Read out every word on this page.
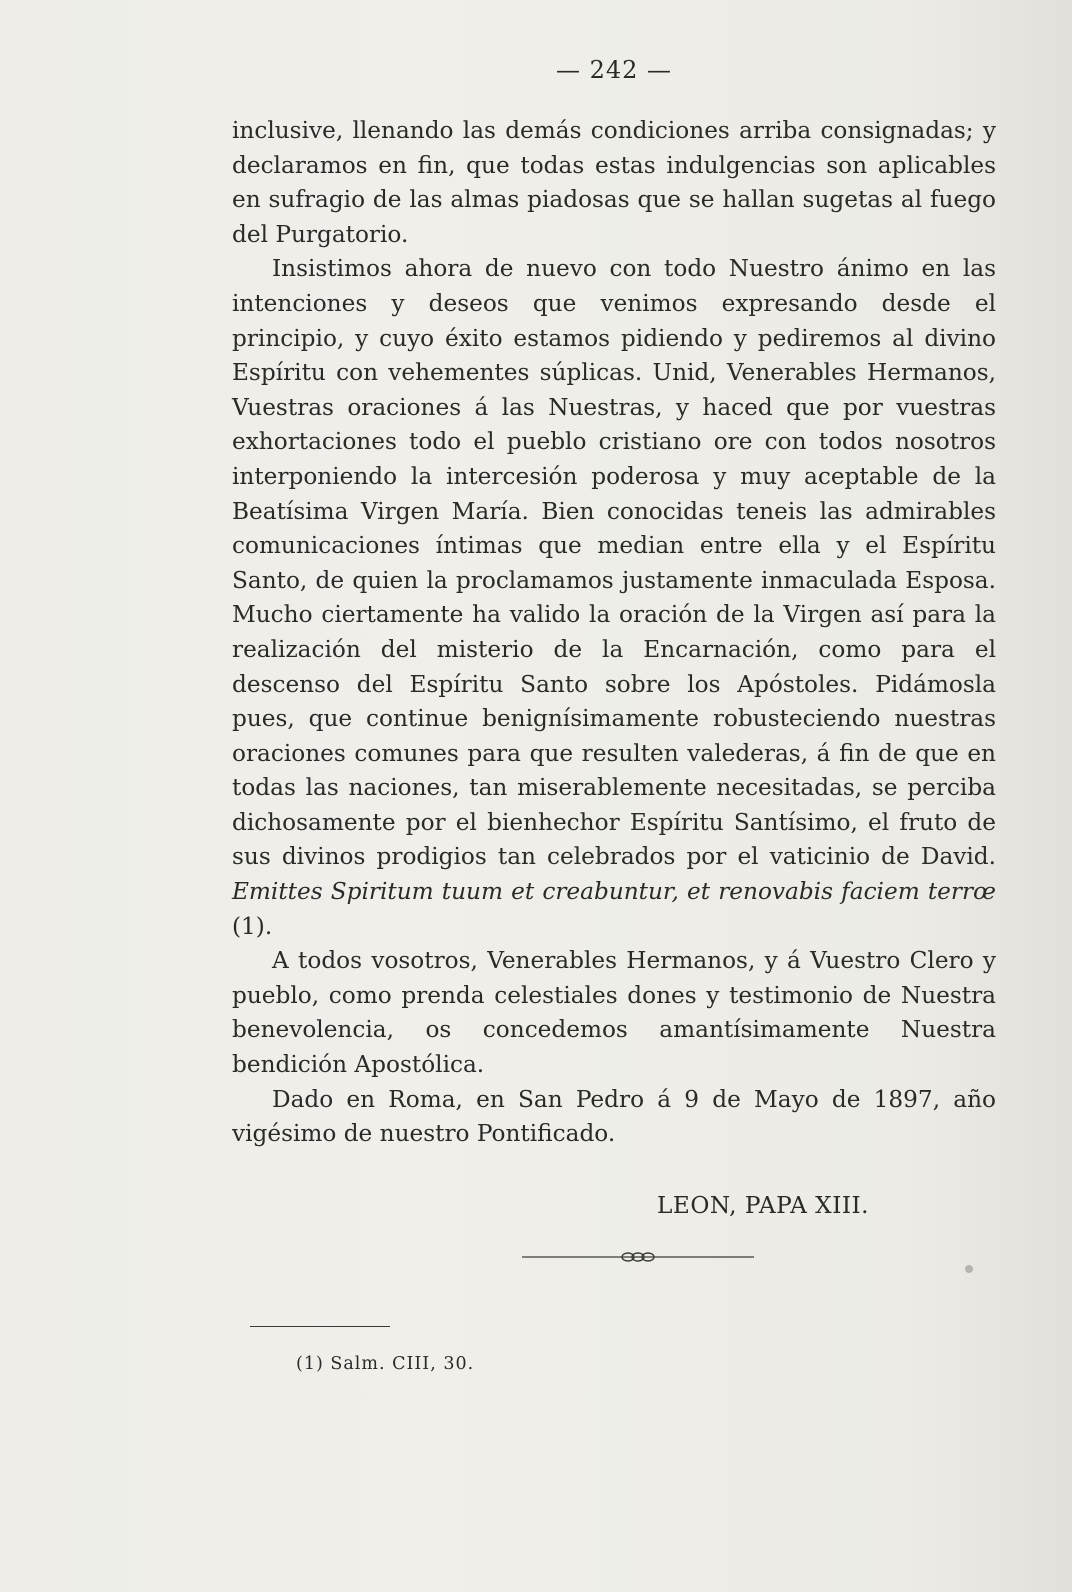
— 242 —

inclusive, llenando las demás condiciones arriba consignadas; y declaramos en fin, que todas estas indulgencias son aplicables en sufragio de las almas piadosas que se hallan sugetas al fuego del Purgatorio.

Insistimos ahora de nuevo con todo Nuestro ánimo en las intenciones y deseos que venimos expresando desde el principio, y cuyo éxito estamos pidiendo y pediremos al divino Espíritu con vehementes súplicas. Unid, Venerables Hermanos, Vuestras oraciones á las Nuestras, y haced que por vuestras exhortaciones todo el pueblo cristiano ore con todos nosotros interponiendo la intercesión poderosa y muy aceptable de la Beatísima Virgen María. Bien conocidas teneis las admirables comunicaciones íntimas que median entre ella y el Espíritu Santo, de quien la proclamamos justamente inmaculada Esposa. Mucho ciertamente ha valido la oración de la Virgen así para la realización del misterio de la Encarnación, como para el descenso del Espíritu Santo sobre los Apóstoles. Pidámosla pues, que continue benignísimamente robusteciendo nuestras oraciones comunes para que resulten valederas, á fin de que en todas las naciones, tan miserablemente necesitadas, se perciba dichosamente por el bienhechor Espíritu Santísimo, el fruto de sus divinos prodigios tan celebrados por el vaticinio de David. Emittes Spiritum tuum et creabuntur, et renovabis faciem terrœ (1).

A todos vosotros, Venerables Hermanos, y á Vuestro Clero y pueblo, como prenda celestiales dones y testimonio de Nuestra benevolencia, os concedemos amantísimamente Nuestra bendición Apostólica.

Dado en Roma, en San Pedro á 9 de Mayo de 1897, año vigésimo de nuestro Pontificado.

LEON, PAPA XIII.
(1) Salm. CIII, 30.
